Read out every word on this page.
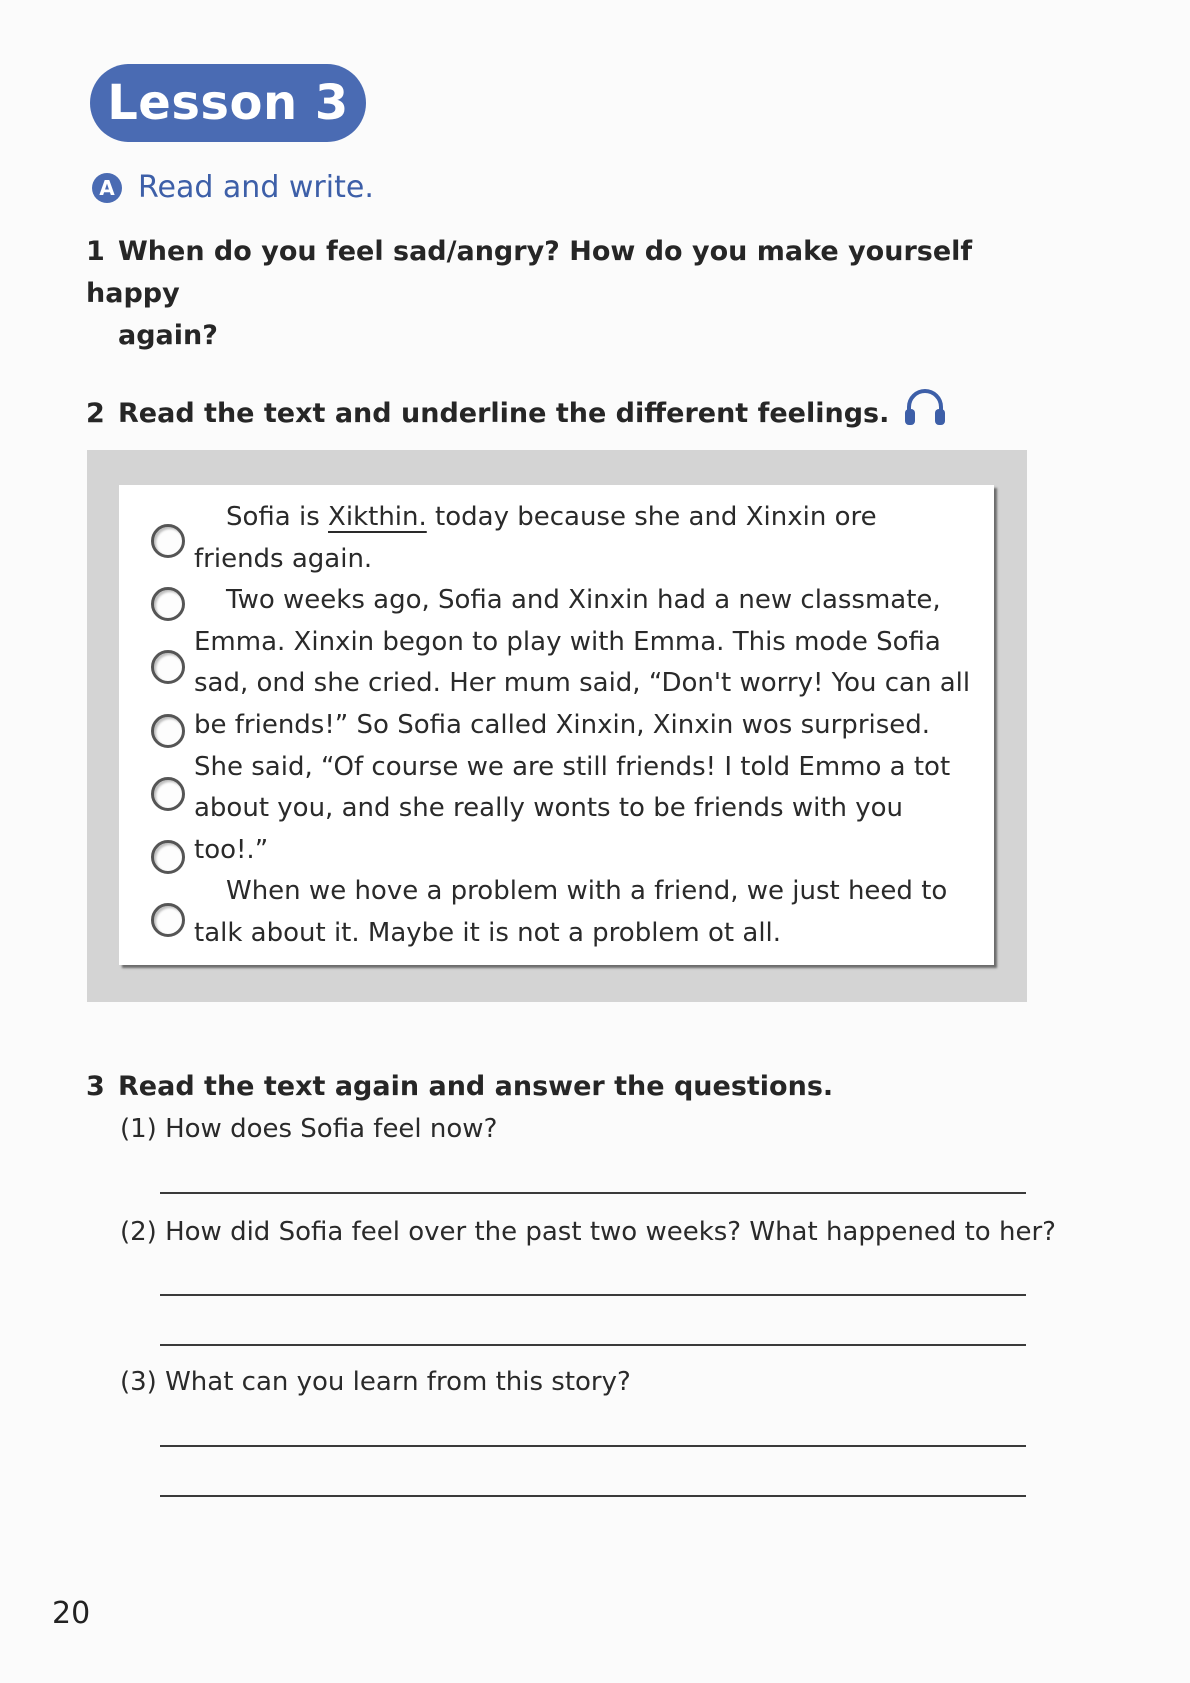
Lesson 3
A Read and write.
1 When do you feel sad/angry? How do you make yourself happy
again?
2 Read the text and underline the different feelings.

Sofia is Xikthin. today because she and Xinxin ore friends again.

Two weeks ago, Sofia and Xinxin had a new classmate, Emma. Xinxin begon to play with Emma. This mode Sofia sad, ond she cried. Her mum said, “Don't worry! You can all be friends!” So Sofia called Xinxin, Xinxin wos surprised. She said, “Of course we are still friends! I told Emmo a tot about you, and she really wonts to be friends with you too!.”

When we hove a problem with a friend, we just heed to talk about it. Maybe it is not a problem ot all.

3 Read the text again and answer the questions.
(1) How does Sofia feel now?
(2) How did Sofia feel over the past two weeks? What happened to her?
(3) What can you learn from this story?
20
